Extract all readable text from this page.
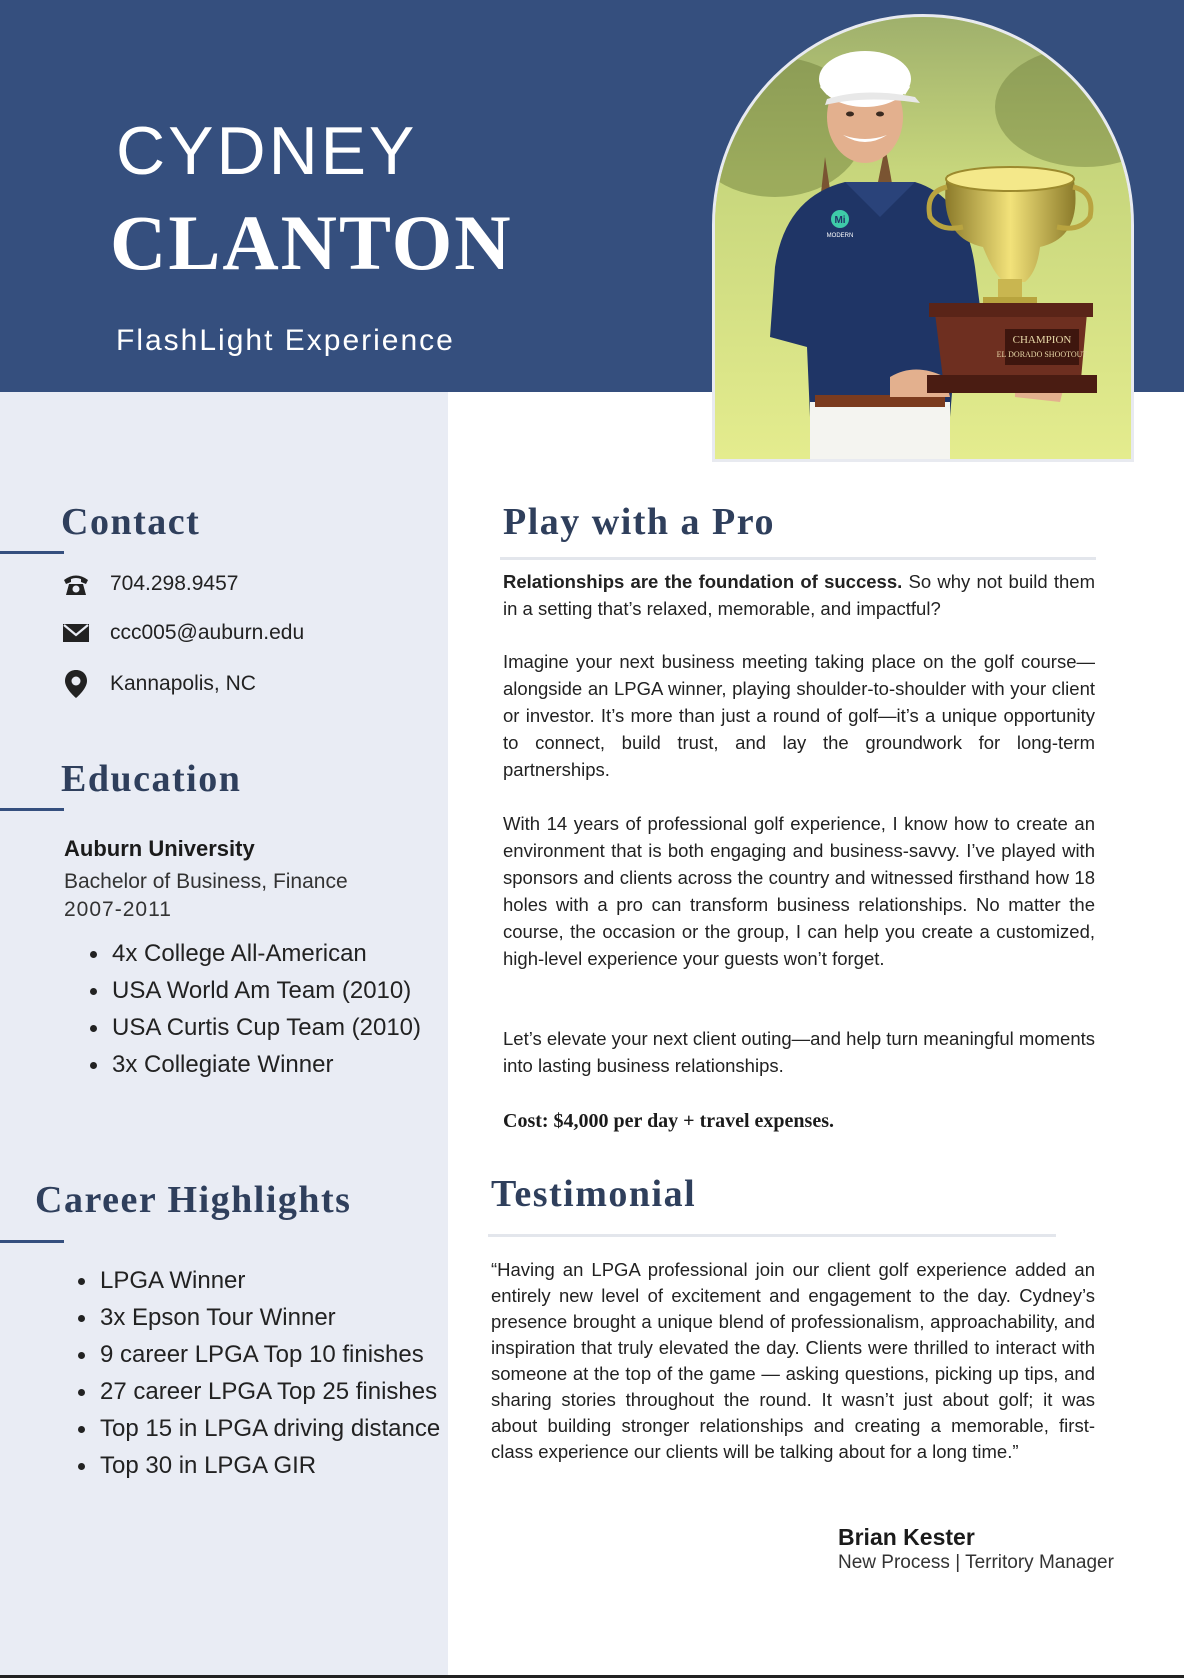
CYDNEY
CLANTON
FlashLight Experience
Mi
MODERN
CHAMPION
EL DORADO SHOOTOUT
Contact
704.298.9457
ccc005@auburn.edu
Kannapolis, NC
Education
Auburn University
Bachelor of Business, Finance
2007-2011
4x College All-American
USA World Am Team (2010)
USA Curtis Cup Team (2010)
3x Collegiate Winner
Career Highlights
LPGA Winner
3x Epson Tour Winner
9 career LPGA Top 10 finishes
27 career LPGA Top 25 finishes
Top 15 in LPGA driving distance
Top 30 in LPGA GIR
Play with a Pro

Relationships are the foundation of success. So why not build them in a setting that’s relaxed, memorable, and impactful?

Imagine your next business meeting taking place on the golf course—alongside an LPGA winner, playing shoulder-to-shoulder with your client or investor. It’s more than just a round of golf—it’s a unique opportunity to connect, build trust, and lay the groundwork for long-term partnerships.

With 14 years of professional golf experience, I know how to create an environment that is both engaging and business-savvy. I’ve played with sponsors and clients across the country and witnessed firsthand how 18 holes with a pro can transform business relationships. No matter the course, the occasion or the group, I can help you create a customized, high-level experience your guests won’t forget.

Let’s elevate your next client outing—and help turn meaningful moments into lasting business relationships.

Cost: $4,000 per day + travel expenses.
Testimonial

“Having an LPGA professional join our client golf experience added an entirely new level of excitement and engagement to the day. Cydney’s presence brought a unique blend of professionalism, approachability, and inspiration that truly elevated the day. Clients were thrilled to interact with someone at the top of the game — asking questions, picking up tips, and sharing stories throughout the round. It wasn’t just about golf; it was about building stronger relationships and creating a memorable, first-class experience our clients will be talking about for a long time.”

Brian Kester
New Process | Territory Manager
